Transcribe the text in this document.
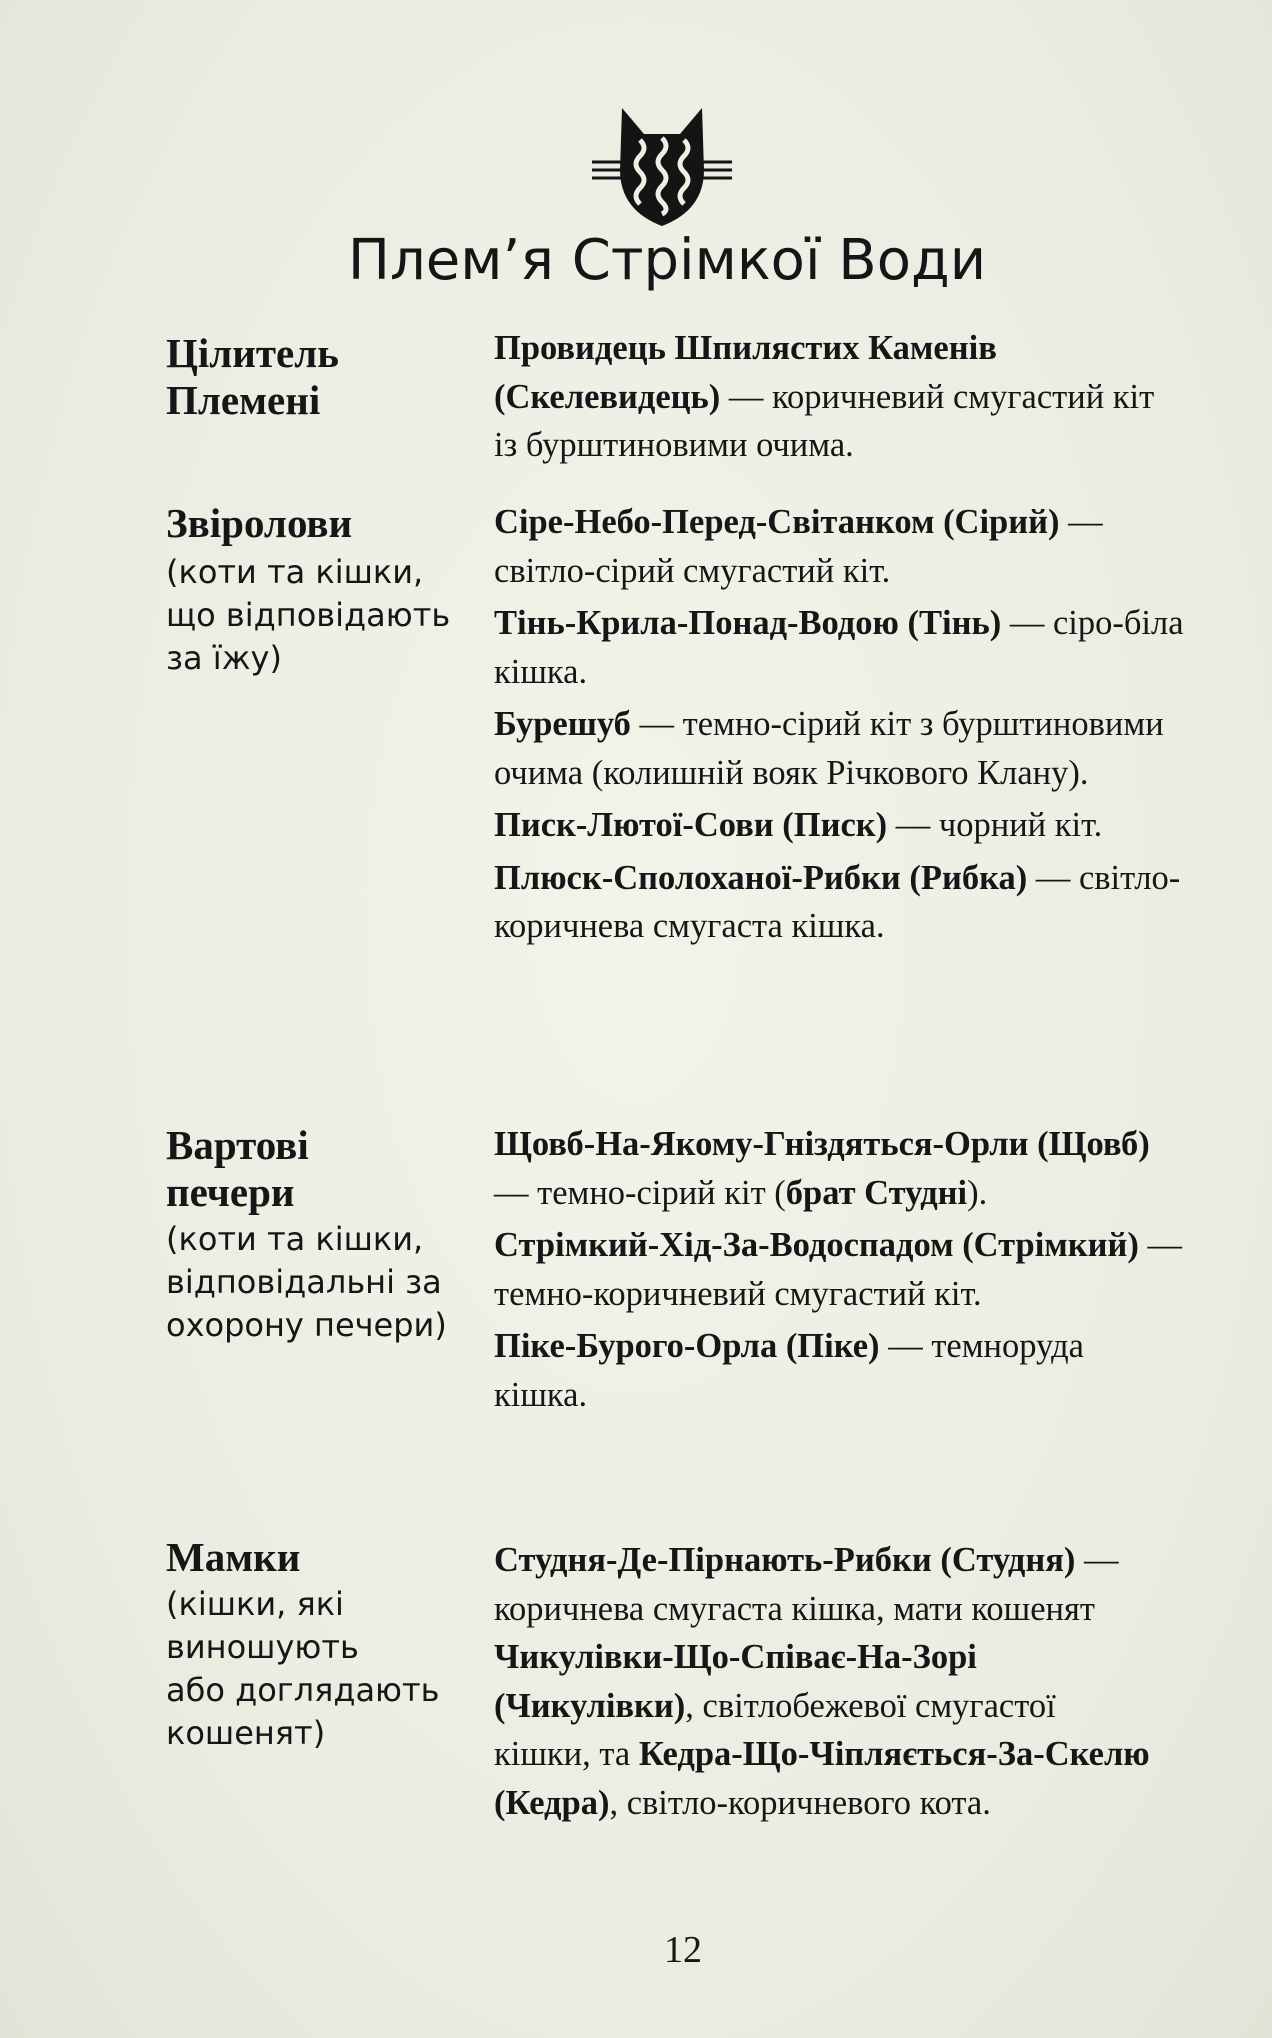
Плем’я Стрімкої Води
Цілитель
Племені
Провидець Шпилястих Каменів
(Скелевидець) — коричневий смугастий кіт із бурштиновими очима.
Звіролови
(коти та кішки,
що відповідають
за їжу)
Сіре-Небо-Перед-Світанком (Сірий) — світло-сірий смугастий кіт.
Тінь-Крила-Понад-Водою (Тінь) — сіро-біла кішка.
Бурешуб — темно-сірий кіт з бурштиновими очима (колишній вояк Річкового Клану).
Писк-Лютої-Сови (Писк) — чорний кіт.
Плюск-Сполоханої-Рибки (Рибка) — світло-коричнева смугаста кішка.
Вартові
печери
(коти та кішки,
відповідальні за
охорону печери)
Щовб-На-Якому-Гніздяться-Орли (Щовб) — темно-сірий кіт (брат Студні).
Стрімкий-Хід-За-Водоспадом (Стрімкий) — темно-коричневий смугастий кіт.
Піке-Бурого-Орла (Піке) — темноруда кішка.
Мамки
(кішки, які
виношують
або доглядають
кошенят)
Студня-Де-Пірнають-Рибки (Студня) — коричнева смугаста кішка, мати кошенят Чикулівки-Що-Співає-На-Зорі (Чикулівки), світлобежевої смугастої кішки, та Кедра-Що-Чіпляється-За-Скелю (Кедра), світло-коричневого кота.
12
